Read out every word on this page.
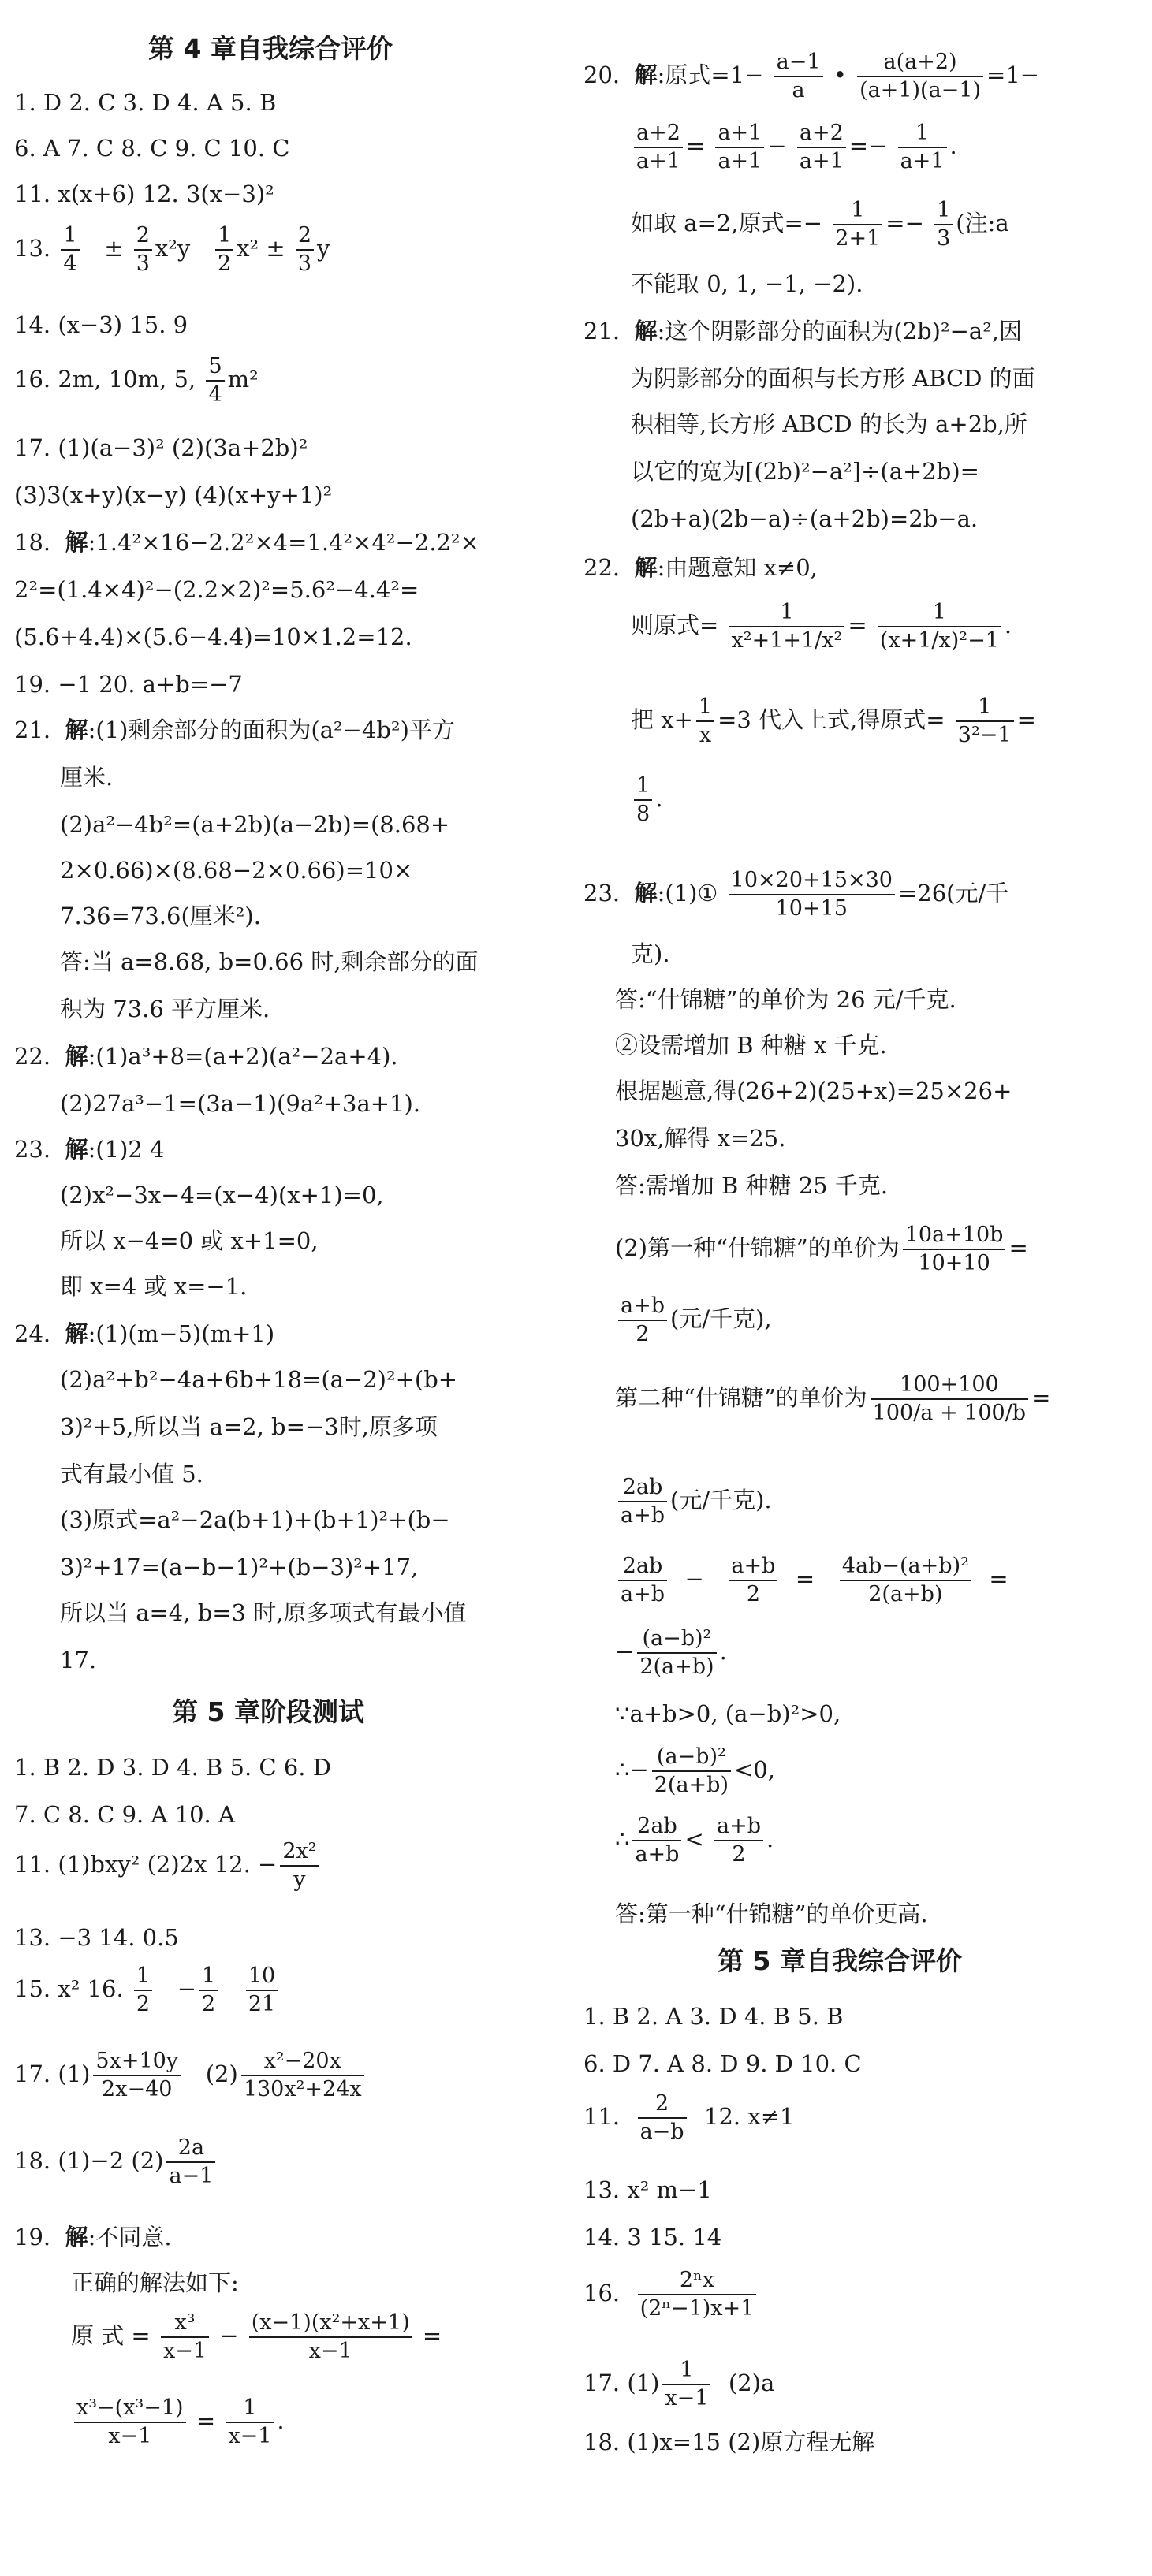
第 4 章自我综合评价
1. D 2. C 3. D 4. A 5. B
6. A 7. C 8. C 9. C 10. C
11. x(x+6) 12. 3(x−3)²
13. $\frac{1}{4} \pm \frac{2}{3} x^2y \frac{1}{2} x^2 \pm \frac{2}{3}$ y
14. (x−3) 15. 9
16. 2m, 10m, 5, $\frac{5}{4} m^2$
17. (1)(a−3)² (2)(3a+2b)²
(3)3(x+y)(x−y) (4)(x+y+1)²
18. 解:1.4²×16−2.2²×4=1.4²×4²−2.2²×
2²=(1.4×4)²−(2.2×2)²=5.6²−4.4²=
(5.6+4.4)×(5.6−4.4)=10×1.2=12.
19. −1 20. a+b=−7
21. 解:(1)剩余部分的面积为(a²−4b²)平方
厘米.
(2)a²−4b²=(a+2b)(a−2b)=(8.68+
2×0.66)×(8.68−2×0.66)=10×
7.36=73.6(厘米²).
答:当 a=8.68, b=0.66 时,剩余部分的面
积为 73.6 平方厘米.
22. 解:(1)a³+8=(a+2)(a²−2a+4).
(2)27a³−1=(3a−1)(9a²+3a+1).
23. 解:(1)2 4
(2)x²−3x−4=(x−4)(x+1)=0,
所以 x−4=0 或 x+1=0,
即 x=4 或 x=−1.
24. 解:(1)(m−5)(m+1)
(2)a²+b²−4a+6b+18=(a−2)²+(b+
3)²+5,所以当 a=2, b=−3时,原多项
式有最小值 5.
(3)原式=a²−2a(b+1)+(b+1)²+(b−
3)²+17=(a−b−1)²+(b−3)²+17,
所以当 a=4, b=3 时,原多项式有最小值
17.
第 5 章阶段测试
1. B 2. D 3. D 4. B 5. C 6. D
7. C 8. C 9. A 10. A
11. (1)bxy² (2)2x 12. − $\frac{\text{2x²}}{y}$
13. −3 14. 0.5
15. x² 16. $\frac{1}{2} - \frac{1}{2}$
$\frac{10}{21}$
17. $(1) \frac{5x+10y}{2x-40} (2) \frac{\text{x²−20x}}{\text{130x²+24x}}$
18. (1)−2 $(2) \frac{2a}{a-1}$
19. 解:不同意.
正确的解法如下:
原 式 = $\frac{\text{x³}}{x-1} - \frac{\text{(x−1)(x²+x+1)}}{x-1}$ =
$\frac{\text{x³−(x³−1)}}{x-1} = \frac{1}{x-1}$ .
20. 解:原式$=1- \frac{a-1}{a}$ • $\frac{a(a+2)}{(a+1)(a-1)} =1-$
$\frac{a+2}{a+1} = \frac{a+1}{a+1} - \frac{a+2}{a+1} =- \frac{1}{a+1}$ .
如取 a=2,原式=− $\frac{1}{2+1} =- \frac{1}{3}$ (注:a
不能取 0, 1, −1, −2).
21. 解:这个阴影部分的面积为(2b)²−a²,因
为阴影部分的面积与长方形 ABCD 的面
积相等,长方形 ABCD 的长为 a+2b,所
以它的宽为[(2b)²−a²]÷(a+2b)=
(2b+a)(2b−a)÷(a+2b)=2b−a.
22. 解:由题意知 x≠0,
则原式= $\frac{1}{\text{x²+1+1/x²}} = \frac{1}{\text{(x+1/x)²−1}}$ .
把 $x+ \frac{1}{x} =3$ 代入上式,得原式= $\frac{1}{\text{3²−1}}$ =
$\frac{1}{8}$ .
23. 解:(1)① $\frac{10\times 20+15\times 30}{10+15} =26$(元/千
克).
答:“什锦糖”的单价为 26 元/千克.
②设需增加 B 种糖 x 千克.
根据题意,得(26+2)(25+x)=25×26+
30x,解得 x=25.
答:需增加 B 种糖 25 千克.
(2)第一种“什锦糖”的单价为 $\frac{10a+10b}{10+10}$ =
$\frac{a+b}{2}$ (元/千克),
第二种“什锦糖”的单价为 $\frac{100+100}{100/a + 100/b}$ =
$\frac{2ab}{a+b}$ (元/千克).
$\frac{2ab}{a+b} - \frac{a+b}{2} = \frac{\text{4ab−(a+b)²}}{2(a+b)}$ =
− $\frac{\text{(a−b)²}}{2(a+b)}$ .
∵a+b>0, (a−b)²>0,
∴− $\frac{\text{(a−b)²}}{2(a+b)} <0$,
∴ $\frac{2ab}{a+b} < \frac{a+b}{2}$ .
答:第一种“什锦糖”的单价更高.
第 5 章自我综合评价
1. B 2. A 3. D 4. B 5. B
6. D 7. A 8. D 9. D 10. C
11. $\frac{2}{a-b} 12$. x≠1
13. x² m−1
14. 3 15. 14
16. $\frac{\text{2ⁿx}}{\text{(2ⁿ−1)x+1}}$
17. $(1) \frac{1}{x-1} (2)a$
18. (1)x=15 (2)原方程无解
